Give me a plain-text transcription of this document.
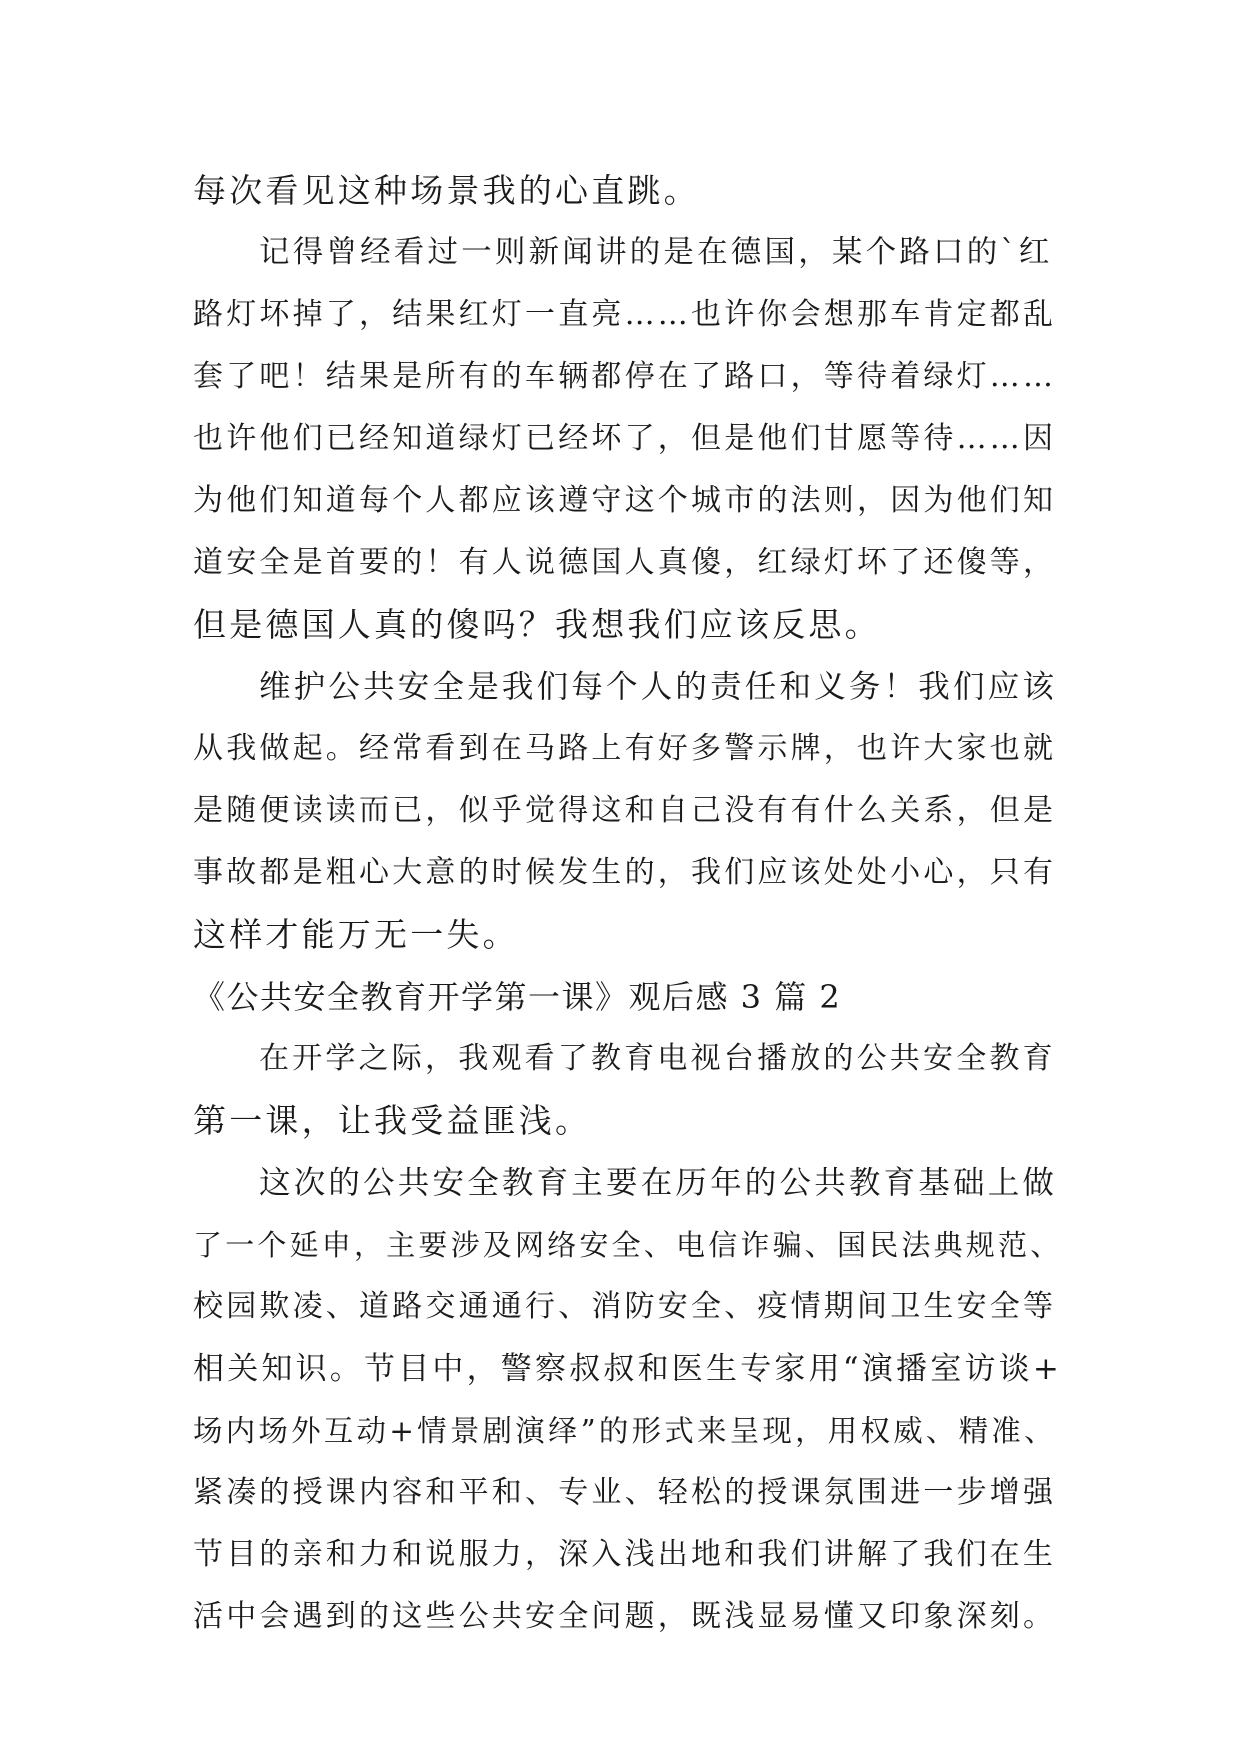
每次看见这种场景我的心直跳。
记得曾经看过一则新闻讲的是在德国，某个路口的`红
路灯坏掉了，结果红灯一直亮……也许你会想那车肯定都乱
套了吧！结果是所有的车辆都停在了路口，等待着绿灯……
也许他们已经知道绿灯已经坏了，但是他们甘愿等待……因
为他们知道每个人都应该遵守这个城市的法则，因为他们知
道安全是首要的！有人说德国人真傻，红绿灯坏了还傻等，
但是德国人真的傻吗？我想我们应该反思。
维护公共安全是我们每个人的责任和义务！我们应该
从我做起。经常看到在马路上有好多警示牌，也许大家也就
是随便读读而已，似乎觉得这和自己没有有什么关系，但是
事故都是粗心大意的时候发生的，我们应该处处小心，只有
这样才能万无一失。
《公共安全教育开学第一课》观后感 3 篇 2
在开学之际，我观看了教育电视台播放的公共安全教育
第一课，让我受益匪浅。
这次的公共安全教育主要在历年的公共教育基础上做
了一个延申，主要涉及网络安全、电信诈骗、国民法典规范、
校园欺凌、道路交通通行、消防安全、疫情期间卫生安全等
相关知识。节目中，警察叔叔和医生专家用“演播室访谈+
场内场外互动+情景剧演绎”的形式来呈现，用权威、精准、
紧凑的授课内容和平和、专业、轻松的授课氛围进一步增强
节目的亲和力和说服力，深入浅出地和我们讲解了我们在生
活中会遇到的这些公共安全问题，既浅显易懂又印象深刻。
